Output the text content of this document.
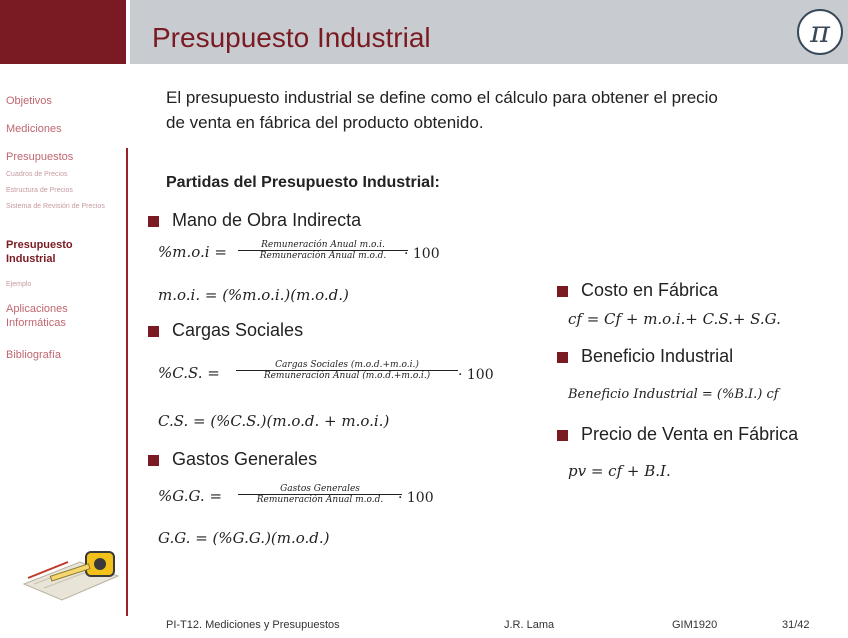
Presupuesto Industrial	π
Objetivos
Mediciones
Presupuestos
Cuadros de Precios
Estructura de Precios
Sistema de Revisión de Precios
Presupuesto Industrial
Ejemplo
Aplicaciones Informáticas
Bibliografía
El presupuesto industrial se define como el cálculo para obtener el precio
de venta en fábrica del producto obtenido.
Partidas del Presupuesto Industrial:
Mano de Obra Indirecta
%m.o.i =	Remuneración Anual m.o.i.
Remuneración Anual m.o.d.	· 100
m.o.i. = (%m.o.i.)(m.o.d.)
Cargas Sociales
%C.S. =	Cargas Sociales (m.o.d.+m.o.i.)
Remuneración Anual (m.o.d.+m.o.i.)	· 100
C.S. = (%C.S.)(m.o.d. + m.o.i.)
Gastos Generales
%G.G. =	Gastos Generales
Remuneración Anual m.o.d.	· 100
G.G. = (%G.G.)(m.o.d.)
Costo en Fábrica
cf = Cf + m.o.i.+ C.S.+ S.G.
Beneficio Industrial
Beneficio Industrial = (%B.I.) cf
Precio de Venta en Fábrica
pv = cf + B.I.
PI-T12. Mediciones y Presupuestos	J.R. Lama	GIM1920	31/42
